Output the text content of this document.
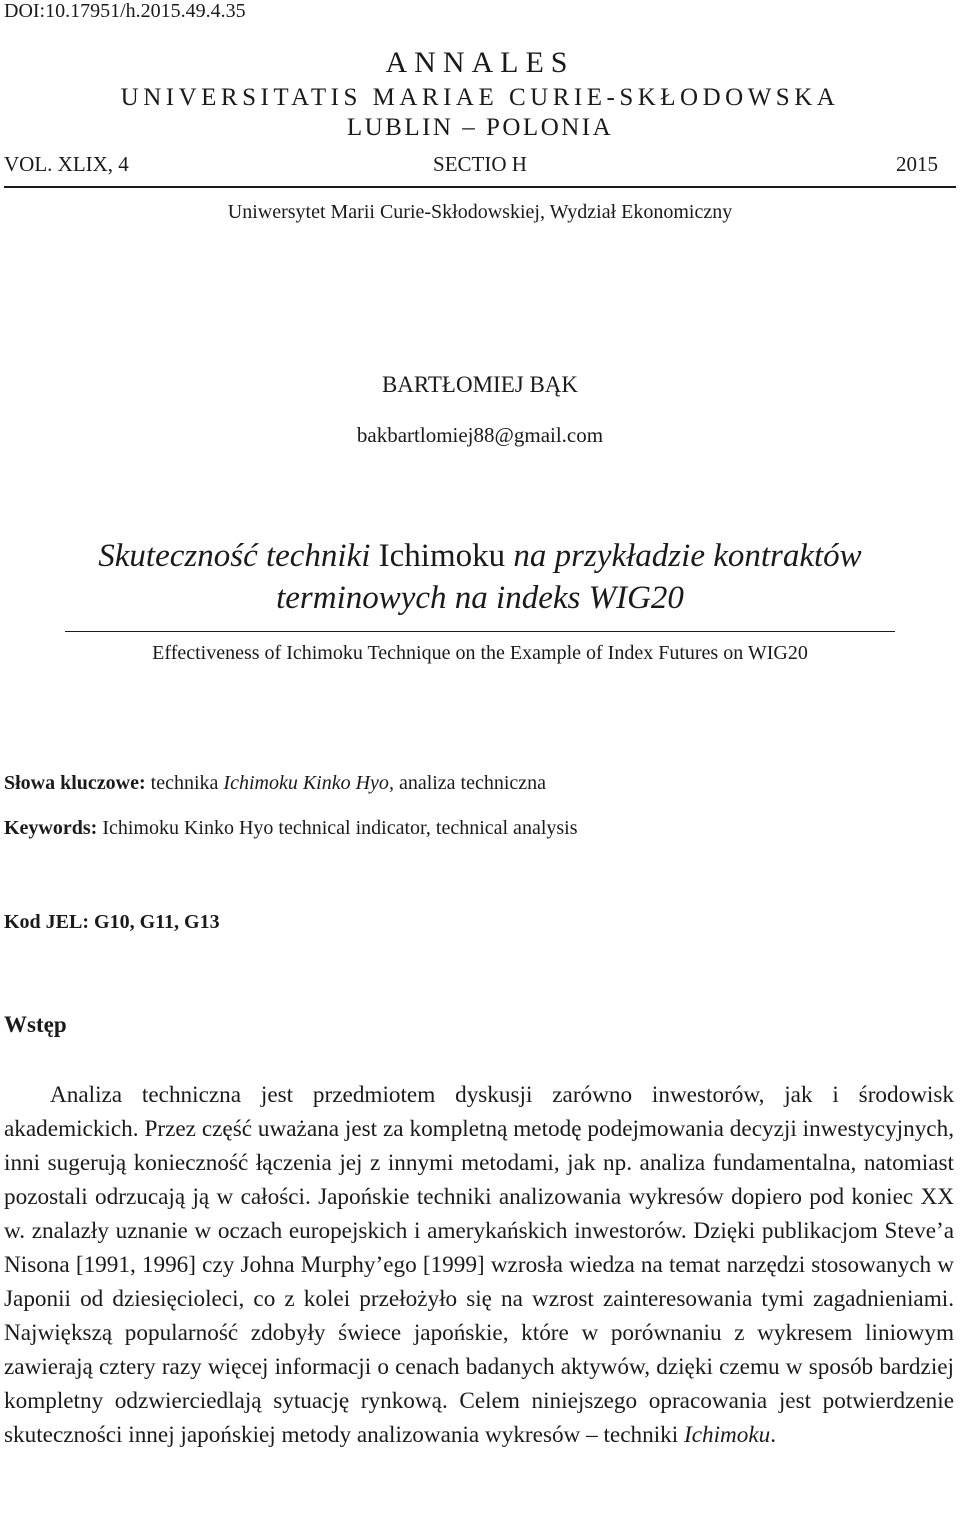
DOI:10.17951/h.2015.49.4.35
ANNALES
UNIVERSITATIS MARIAE CURIE-SKŁODOWSKA
LUBLIN – POLONIA
VOL. XLIX, 4	SECTIO H	2015
Uniwersytet Marii Curie-Skłodowskiej, Wydział Ekonomiczny
BARTŁOMIEJ BĄK
bakbartlomiej88@gmail.com
Skuteczność techniki Ichimoku na przykładzie kontraktów
terminowych na indeks WIG20
Effectiveness of Ichimoku Technique on the Example of Index Futures on WIG20
Słowa kluczowe: technika Ichimoku Kinko Hyo, analiza techniczna
Keywords: Ichimoku Kinko Hyo technical indicator, technical analysis
Kod JEL: G10, G11, G13
Wstęp

Analiza techniczna jest przedmiotem dyskusji zarówno inwestorów, jak i środowisk akademickich. Przez część uważana jest za kompletną metodę podejmowania decyzji inwestycyjnych, inni sugerują konieczność łączenia jej z innymi metodami, jak np. analiza fundamentalna, natomiast pozostali odrzucają ją w całości. Japońskie techniki analizowania wykresów dopiero pod koniec XX w. znalazły uznanie w oczach europejskich i amerykańskich inwestorów. Dzięki publikacjom Steve’a Nisona [1991, 1996] czy Johna Murphy’ego [1999] wzrosła wiedza na temat narzędzi stosowanych w Japonii od dziesięcioleci, co z kolei przełożyło się na wzrost zainteresowania tymi zagadnieniami. Największą popularność zdobyły świece japońskie, które w porównaniu z wykresem liniowym zawierają cztery razy więcej informacji o cenach badanych aktywów, dzięki czemu w sposób bardziej kompletny odzwierciedlają sytuację rynkową. Celem niniejszego opracowania jest potwierdzenie skuteczności innej japońskiej metody analizowania wykresów – techniki Ichimoku.
